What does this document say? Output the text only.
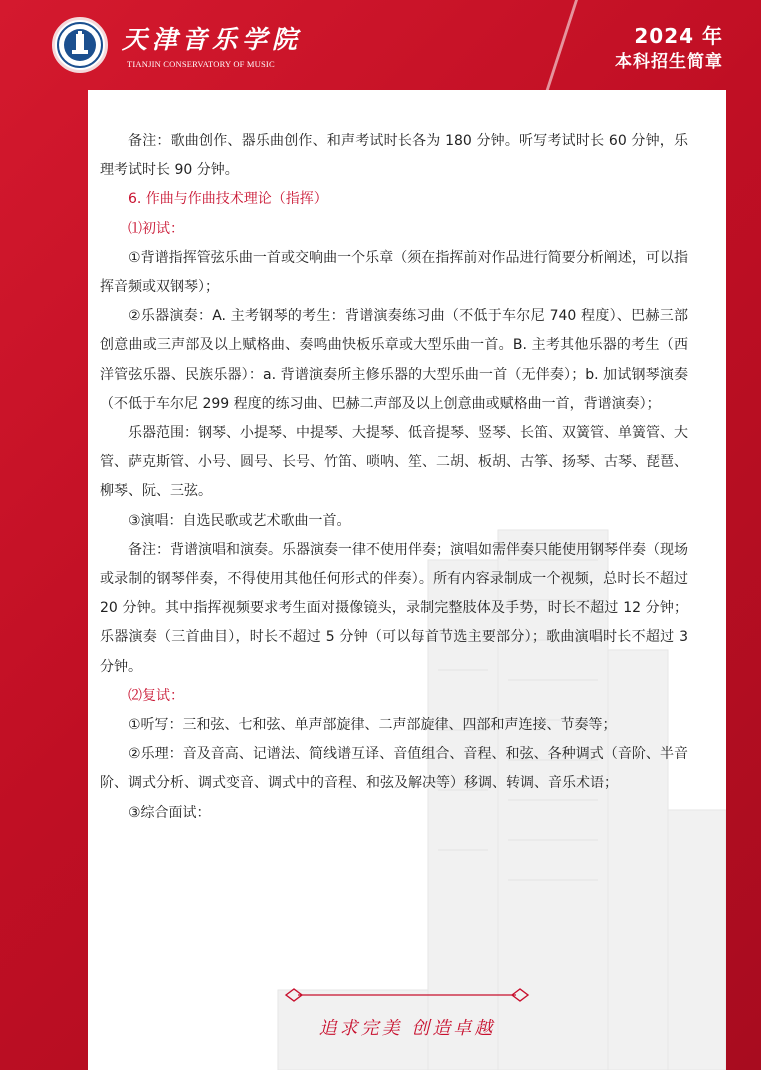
天津音乐学院
TIANJIN CONSERVATORY OF MUSIC
2024 年
本科招生简章

备注：歌曲创作、器乐曲创作、和声考试时长各为 180 分钟。听写考试时长 60 分钟，乐理考试时长 90 分钟。

6. 作曲与作曲技术理论（指挥）

⑴初试：

①背谱指挥管弦乐曲一首或交响曲一个乐章（须在指挥前对作品进行简要分析阐述，可以指挥音频或双钢琴）；

②乐器演奏：A. 主考钢琴的考生：背谱演奏练习曲（不低于车尔尼 740 程度）、巴赫三部创意曲或三声部及以上赋格曲、奏鸣曲快板乐章或大型乐曲一首。B. 主考其他乐器的考生（西洋管弦乐器、民族乐器）：a. 背谱演奏所主修乐器的大型乐曲一首（无伴奏）；b. 加试钢琴演奏（不低于车尔尼 299 程度的练习曲、巴赫二声部及以上创意曲或赋格曲一首，背谱演奏）；

乐器范围：钢琴、小提琴、中提琴、大提琴、低音提琴、竖琴、长笛、双簧管、单簧管、大管、萨克斯管、小号、圆号、长号、竹笛、唢呐、笙、二胡、板胡、古筝、扬琴、古琴、琵琶、柳琴、阮、三弦。

③演唱：自选民歌或艺术歌曲一首。

备注：背谱演唱和演奏。乐器演奏一律不使用伴奏；演唱如需伴奏只能使用钢琴伴奏（现场或录制的钢琴伴奏，不得使用其他任何形式的伴奏）。所有内容录制成一个视频，总时长不超过 20 分钟。其中指挥视频要求考生面对摄像镜头，录制完整肢体及手势，时长不超过 12 分钟；乐器演奏（三首曲目），时长不超过 5 分钟（可以每首节选主要部分）；歌曲演唱时长不超过 3 分钟。

⑵复试：

①听写：三和弦、七和弦、单声部旋律、二声部旋律、四部和声连接、节奏等；

②乐理：音及音高、记谱法、简线谱互译、音值组合、音程、和弦、各种调式（音阶、半音阶、调式分析、调式变音、调式中的音程、和弦及解决等）移调、转调、音乐术语；

③综合面试：

追求完美 创造卓越
